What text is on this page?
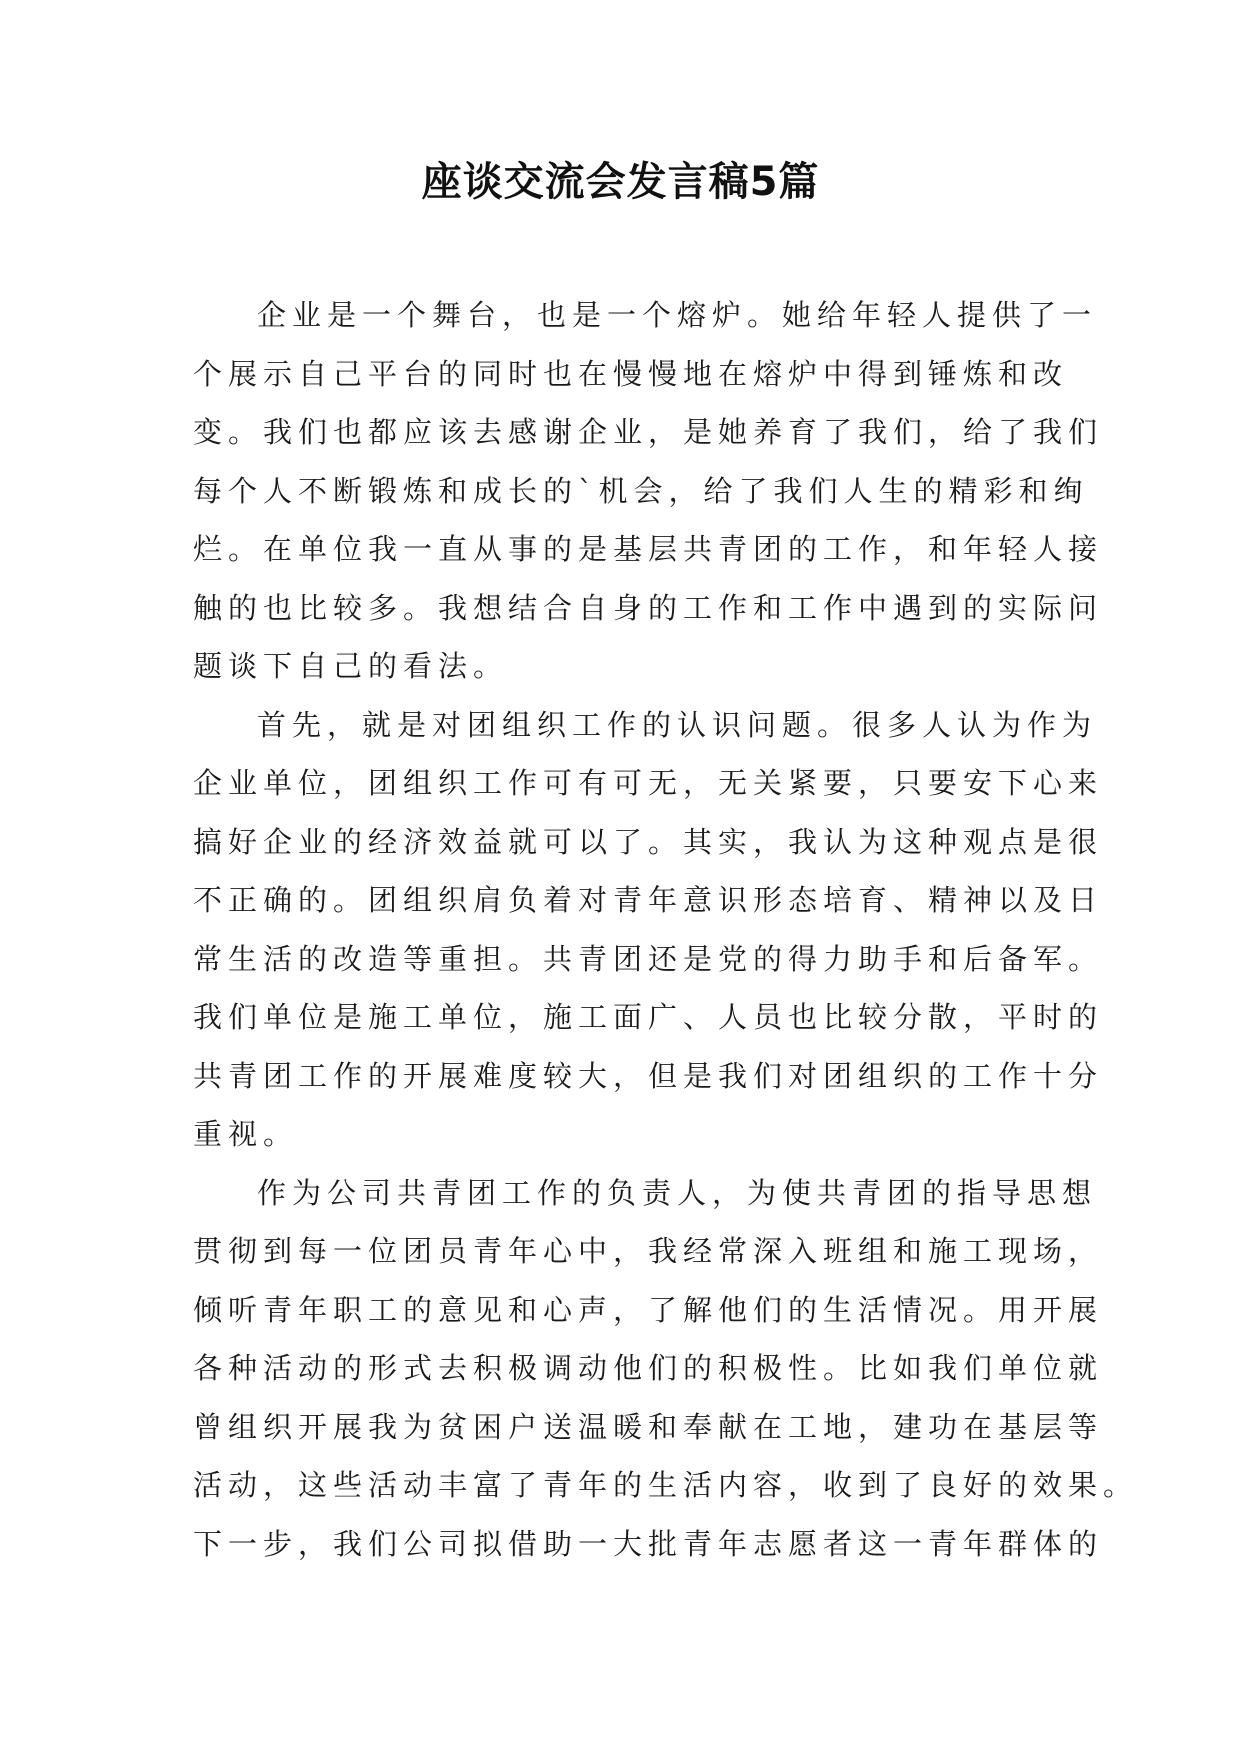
座谈交流会发言稿5篇
企业是一个舞台，也是一个熔炉。她给年轻人提供了一
个展示自己平台的同时也在慢慢地在熔炉中得到锤炼和改
变。我们也都应该去感谢企业，是她养育了我们，给了我们
每个人不断锻炼和成长的`机会，给了我们人生的精彩和绚
烂。在单位我一直从事的是基层共青团的工作，和年轻人接
触的也比较多。我想结合自身的工作和工作中遇到的实际问
题谈下自己的看法。
首先，就是对团组织工作的认识问题。很多人认为作为
企业单位，团组织工作可有可无，无关紧要，只要安下心来
搞好企业的经济效益就可以了。其实，我认为这种观点是很
不正确的。团组织肩负着对青年意识形态培育、精神以及日
常生活的改造等重担。共青团还是党的得力助手和后备军。
我们单位是施工单位，施工面广、人员也比较分散，平时的
共青团工作的开展难度较大，但是我们对团组织的工作十分
重视。
作为公司共青团工作的负责人，为使共青团的指导思想
贯彻到每一位团员青年心中，我经常深入班组和施工现场，
倾听青年职工的意见和心声，了解他们的生活情况。用开展
各种活动的形式去积极调动他们的积极性。比如我们单位就
曾组织开展我为贫困户送温暖和奉献在工地，建功在基层等
活动，这些活动丰富了青年的生活内容，收到了良好的效果。
下一步，我们公司拟借助一大批青年志愿者这一青年群体的
